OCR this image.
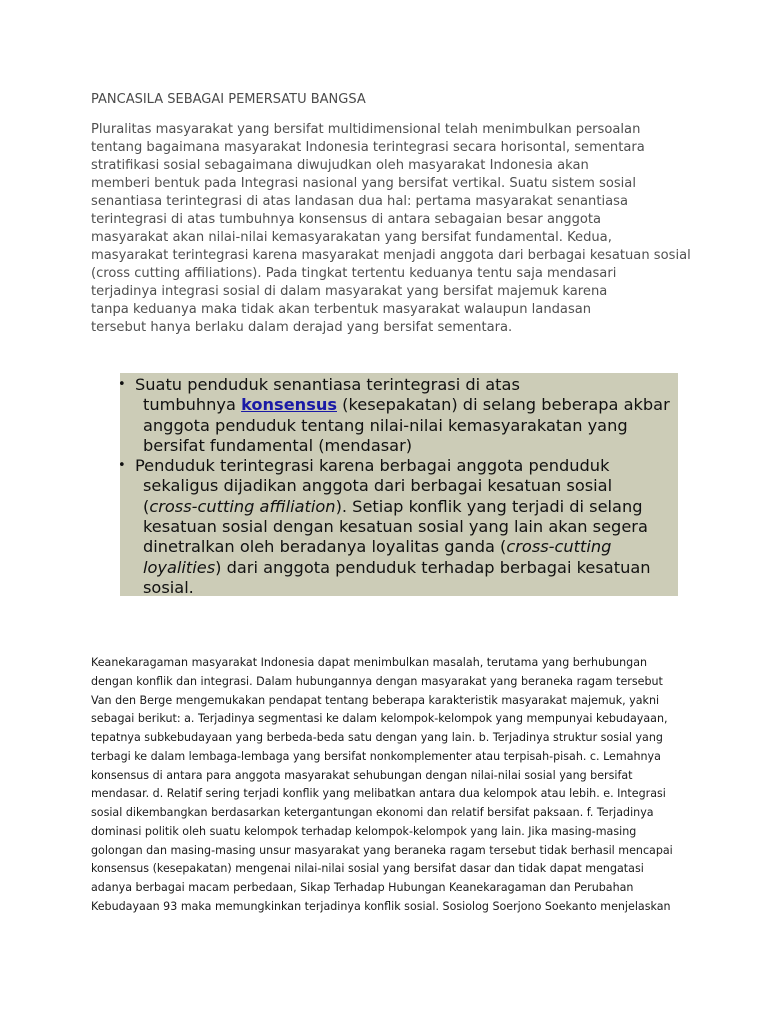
PANCASILA SEBAGAI PEMERSATU BANGSA
Pluralitas masyarakat yang bersifat multidimensional telah menimbulkan persoalan
tentang bagaimana masyarakat Indonesia terintegrasi secara horisontal, sementara
stratifikasi sosial sebagaimana diwujudkan oleh masyarakat Indonesia akan
memberi bentuk pada Integrasi nasional yang bersifat vertikal. Suatu sistem sosial
senantiasa terintegrasi di atas landasan dua hal: pertama masyarakat senantiasa
terintegrasi di atas tumbuhnya konsensus di antara sebagaian besar anggota
masyarakat akan nilai-nilai kemasyarakatan yang bersifat fundamental. Kedua,
masyarakat terintegrasi karena masyarakat menjadi anggota dari berbagai kesatuan sosial
(cross cutting affiliations). Pada tingkat tertentu keduanya tentu saja mendasari
terjadinya integrasi sosial di dalam masyarakat yang bersifat majemuk karena
tanpa keduanya maka tidak akan terbentuk masyarakat walaupun landasan
tersebut hanya berlaku dalam derajad yang bersifat sementara.
• Suatu penduduk senantiasa terintegrasi di atas
tumbuhnya konsensus (kesepakatan) di selang beberapa akbar
anggota penduduk tentang nilai-nilai kemasyarakatan yang
bersifat fundamental (mendasar)
• Penduduk terintegrasi karena berbagai anggota penduduk
sekaligus dijadikan anggota dari berbagai kesatuan sosial
(cross-cutting affiliation). Setiap konflik yang terjadi di selang
kesatuan sosial dengan kesatuan sosial yang lain akan segera
dinetralkan oleh beradanya loyalitas ganda (cross-cutting
loyalities) dari anggota penduduk terhadap berbagai kesatuan
sosial.
Keanekaragaman masyarakat Indonesia dapat menimbulkan masalah, terutama yang berhubungan
dengan konflik dan integrasi. Dalam hubungannya dengan masyarakat yang beraneka ragam tersebut
Van den Berge mengemukakan pendapat tentang beberapa karakteristik masyarakat majemuk, yakni
sebagai berikut: a. Terjadinya segmentasi ke dalam kelompok-kelompok yang mempunyai kebudayaan,
tepatnya subkebudayaan yang berbeda-beda satu dengan yang lain. b. Terjadinya struktur sosial yang
terbagi ke dalam lembaga-lembaga yang bersifat nonkomplementer atau terpisah-pisah. c. Lemahnya
konsensus di antara para anggota masyarakat sehubungan dengan nilai-nilai sosial yang bersifat
mendasar. d. Relatif sering terjadi konflik yang melibatkan antara dua kelompok atau lebih. e. Integrasi
sosial dikembangkan berdasarkan ketergantungan ekonomi dan relatif bersifat paksaan. f. Terjadinya
dominasi politik oleh suatu kelompok terhadap kelompok-kelompok yang lain. Jika masing-masing
golongan dan masing-masing unsur masyarakat yang beraneka ragam tersebut tidak berhasil mencapai
konsensus (kesepakatan) mengenai nilai-nilai sosial yang bersifat dasar dan tidak dapat mengatasi
adanya berbagai macam perbedaan, Sikap Terhadap Hubungan Keanekaragaman dan Perubahan
Kebudayaan 93 maka memungkinkan terjadinya konflik sosial. Sosiolog Soerjono Soekanto menjelaskan
